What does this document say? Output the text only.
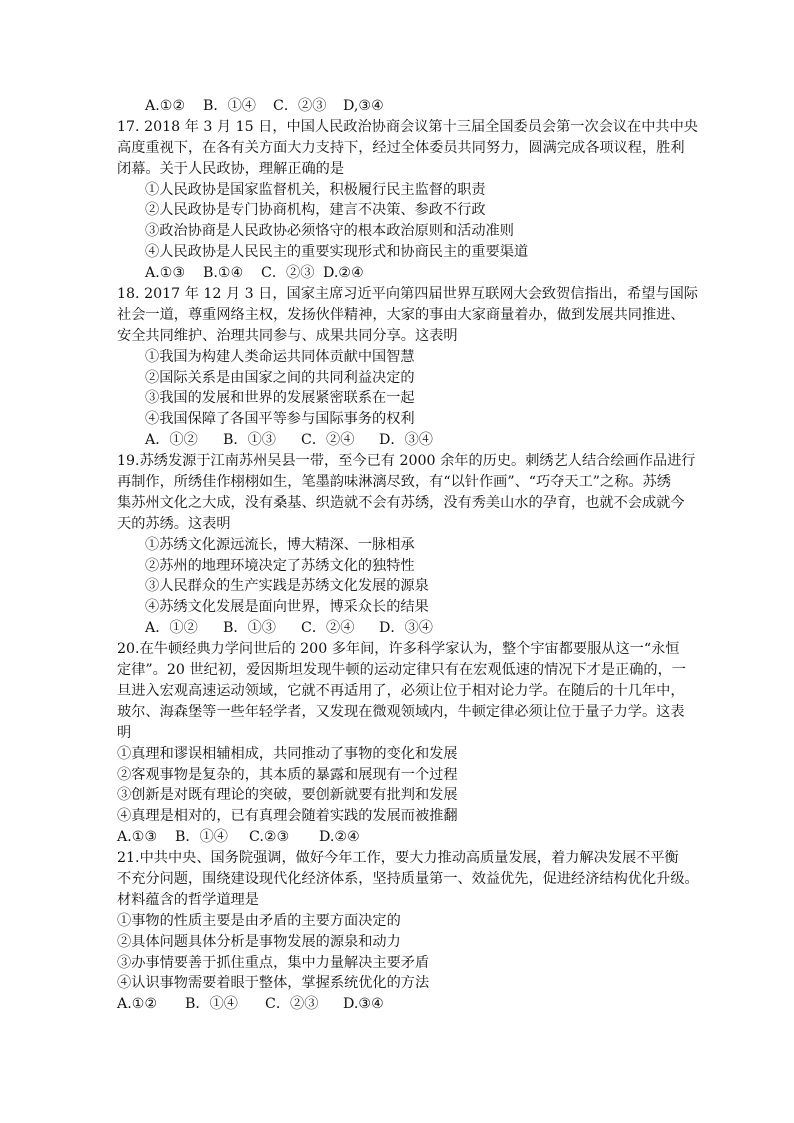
A.①② B．①④ C．②③ D,③④
17. 2018 年 3 月 15 日，中国人民政治协商会议第十三届全国委员会第一次会议在中共中央
高度重视下，在各有关方面大力支持下，经过全体委员共同努力，圆满完成各项议程，胜利
闭幕。关于人民政协，理解正确的是
①人民政协是国家监督机关，积极履行民主监督的职责
②人民政协是专门协商机构，建言不决策、参政不行政
③政治协商是人民政协必须恪守的根本政治原则和活动准则
④人民政协是人民民主的重要实现形式和协商民主的重要渠道
A.①③ B.①④ C．②③ D.②④
18. 2017 年 12 月 3 日，国家主席习近平向第四届世界互联网大会致贺信指出，希望与国际
社会一道，尊重网络主权，发扬伙伴精神，大家的事由大家商量着办，做到发展共同推进、
安全共同维护、治理共同参与、成果共同分享。这表明
①我国为构建人类命运共同体贡献中国智慧
②国际关系是由国家之间的共同利益决定的
③我国的发展和世界的发展紧密联系在一起
④我国保障了各国平等参与国际事务的权利
A．①② B．①③ C．②④ D．③④
19.苏绣发源于江南苏州吴县一带，至今已有 2000 余年的历史。刺绣艺人结合绘画作品进行
再制作，所绣佳作栩栩如生，笔墨韵味淋漓尽致，有“以针作画”、“巧夺天工”之称。苏绣
集苏州文化之大成，没有桑基、织造就不会有苏绣，没有秀美山水的孕育，也就不会成就今
天的苏绣。这表明
①苏绣文化源远流长，博大精深、一脉相承
②苏州的地理环境决定了苏绣文化的独特性
③人民群众的生产实践是苏绣文化发展的源泉
④苏绣文化发展是面向世界，博采众长的结果
A．①② B．①③ C．②④ D．③④
20.在牛顿经典力学问世后的 200 多年间，许多科学家认为，整个宇宙都要服从这一“永恒
定律”。20 世纪初，爱因斯坦发现牛顿的运动定律只有在宏观低速的情况下才是正确的，一
旦进入宏观高速运动领域，它就不再适用了，必须让位于相对论力学。在随后的十几年中，
玻尔、海森堡等一些年轻学者，又发现在微观领域内，牛顿定律必须让位于量子力学。这表
明
①真理和谬误相辅相成，共同推动了事物的变化和发展
②客观事物是复杂的，其本质的暴露和展现有一个过程
③创新是对既有理论的突破，要创新就要有批判和发展
④真理是相对的，已有真理会随着实践的发展而被推翻
A.①③ B．①④ C.②③ D.②④
21.中共中央、国务院强调，做好今年工作，要大力推动高质量发展，着力解决发展不平衡
不充分问题，围绕建设现代化经济体系，坚持质量第一、效益优先，促进经济结构优化升级。
材料蕴含的哲学道理是
①事物的性质主要是由矛盾的主要方面决定的
②具体问题具体分析是事物发展的源泉和动力
③办事情要善于抓住重点，集中力量解决主要矛盾
④认识事物需要着眼于整体，掌握系统优化的方法
A.①② B．①④ C．②③ D.③④
